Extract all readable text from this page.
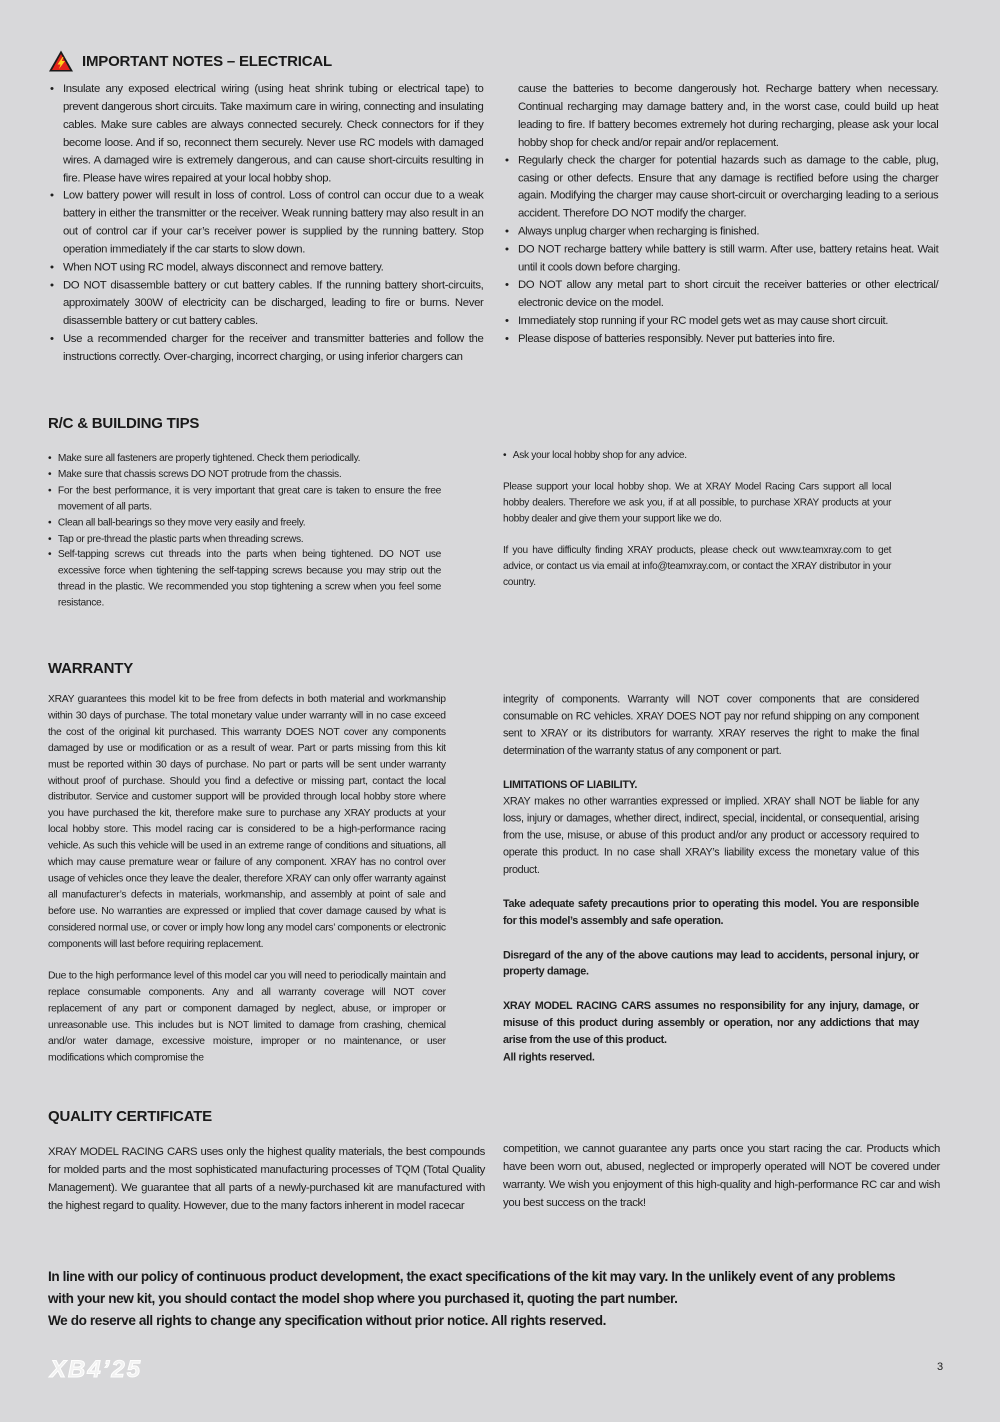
IMPORTANT NOTES – ELECTRICAL
• Insulate any exposed electrical wiring (using heat shrink tubing or electrical tape) to prevent dangerous short circuits. Take maximum care in wiring, connecting and insulating cables. Make sure cables are always connected securely. Check connectors for if they become loose. And if so, reconnect them securely. Never use RC models with damaged wires. A damaged wire is extremely dangerous, and can cause short-circuits resulting in fire. Please have wires repaired at your local hobby shop.
• Low battery power will result in loss of control. Loss of control can occur due to a weak battery in either the transmitter or the receiver. Weak running battery may also result in an out of control car if your car’s receiver power is supplied by the running battery. Stop operation immediately if the car starts to slow down.
• When NOT using RC model, always disconnect and remove battery.
• DO NOT disassemble battery or cut battery cables. If the running battery short-circuits, approximately 300W of electricity can be discharged, leading to fire or burns. Never disassemble battery or cut battery cables.
• Use a recommended charger for the receiver and transmitter batteries and follow the instructions correctly. Over-charging, incorrect charging, or using inferior chargers can

cause the batteries to become dangerously hot. Recharge battery when necessary. Continual recharging may damage battery and, in the worst case, could build up heat leading to fire. If battery becomes extremely hot during recharging, please ask your local hobby shop for check and/or repair and/or replacement.

• Regularly check the charger for potential hazards such as damage to the cable, plug, casing or other defects. Ensure that any damage is rectified before using the charger again. Modifying the charger may cause short-circuit or overcharging leading to a serious accident. Therefore DO NOT modify the charger.
• Always unplug charger when recharging is finished.
• DO NOT recharge battery while battery is still warm. After use, battery retains heat. Wait until it cools down before charging.
• DO NOT allow any metal part to short circuit the receiver batteries or other electrical/ electronic device on the model.
• Immediately stop running if your RC model gets wet as may cause short circuit.
• Please dispose of batteries responsibly. Never put batteries into fire.
R/C & BUILDING TIPS
• Make sure all fasteners are properly tightened. Check them periodically.
• Make sure that chassis screws DO NOT protrude from the chassis.
• For the best performance, it is very important that great care is taken to ensure the free movement of all parts.
• Clean all ball-bearings so they move very easily and freely.
• Tap or pre-thread the plastic parts when threading screws.
• Self-tapping screws cut threads into the parts when being tightened. DO NOT use excessive force when tightening the self-tapping screws because you may strip out the thread in the plastic. We recommended you stop tightening a screw when you feel some resistance.
• Ask your local hobby shop for any advice.

Please support your local hobby shop. We at XRAY Model Racing Cars support all local hobby dealers. Therefore we ask you, if at all possible, to purchase XRAY products at your hobby dealer and give them your support like we do.

If you have difficulty finding XRAY products, please check out www.teamxray.com to get advice, or contact us via email at info@teamxray.com, or contact the XRAY distributor in your country.

WARRANTY

XRAY guarantees this model kit to be free from defects in both material and workmanship within 30 days of purchase. The total monetary value under warranty will in no case exceed the cost of the original kit purchased. This warranty DOES NOT cover any components damaged by use or modification or as a result of wear. Part or parts missing from this kit must be reported within 30 days of purchase. No part or parts will be sent under warranty without proof of purchase. Should you find a defective or missing part, contact the local distributor. Service and customer support will be provided through local hobby store where you have purchased the kit, therefore make sure to purchase any XRAY products at your local hobby store. This model racing car is considered to be a high-performance racing vehicle. As such this vehicle will be used in an extreme range of conditions and situations, all which may cause premature wear or failure of any component. XRAY has no control over usage of vehicles once they leave the dealer, therefore XRAY can only offer warranty against all manufacturer’s defects in materials, workmanship, and assembly at point of sale and before use. No warranties are expressed or implied that cover damage caused by what is considered normal use, or cover or imply how long any model cars’ components or electronic components will last before requiring replacement.

Due to the high performance level of this model car you will need to periodically maintain and replace consumable components. Any and all warranty coverage will NOT cover replacement of any part or component damaged by neglect, abuse, or improper or unreasonable use. This includes but is NOT limited to damage from crashing, chemical and/or water damage, excessive moisture, improper or no maintenance, or user modifications which compromise the

integrity of components. Warranty will NOT cover components that are considered consumable on RC vehicles. XRAY DOES NOT pay nor refund shipping on any component sent to XRAY or its distributors for warranty. XRAY reserves the right to make the final determination of the warranty status of any component or part.

LIMITATIONS OF LIABILITY.

XRAY makes no other warranties expressed or implied. XRAY shall NOT be liable for any loss, injury or damages, whether direct, indirect, special, incidental, or consequential, arising from the use, misuse, or abuse of this product and/or any product or accessory required to operate this product. In no case shall XRAY’s liability excess the monetary value of this product.

Take adequate safety precautions prior to operating this model. You are responsible for this model’s assembly and safe operation.

Disregard of the any of the above cautions may lead to accidents, personal injury, or property damage.

XRAY MODEL RACING CARS assumes no responsibility for any injury, damage, or misuse of this product during assembly or operation, nor any addictions that may arise from the use of this product.

All rights reserved.

QUALITY CERTIFICATE

XRAY MODEL RACING CARS uses only the highest quality materials, the best compounds for molded parts and the most sophisticated manufacturing processes of TQM (Total Quality Management). We guarantee that all parts of a newly-purchased kit are manufactured with the highest regard to quality. However, due to the many factors inherent in model racecar

competition, we cannot guarantee any parts once you start racing the car. Products which have been worn out, abused, neglected or improperly operated will NOT be covered under warranty. We wish you enjoyment of this high-quality and high-performance RC car and wish you best success on the track!

In line with our policy of continuous product development, the exact specifications of the kit may vary. In the unlikely event of any problems
with your new kit, you should contact the model shop where you purchased it, quoting the part number.
We do reserve all rights to change any specification without prior notice. All rights reserved.
XB4’25	3
